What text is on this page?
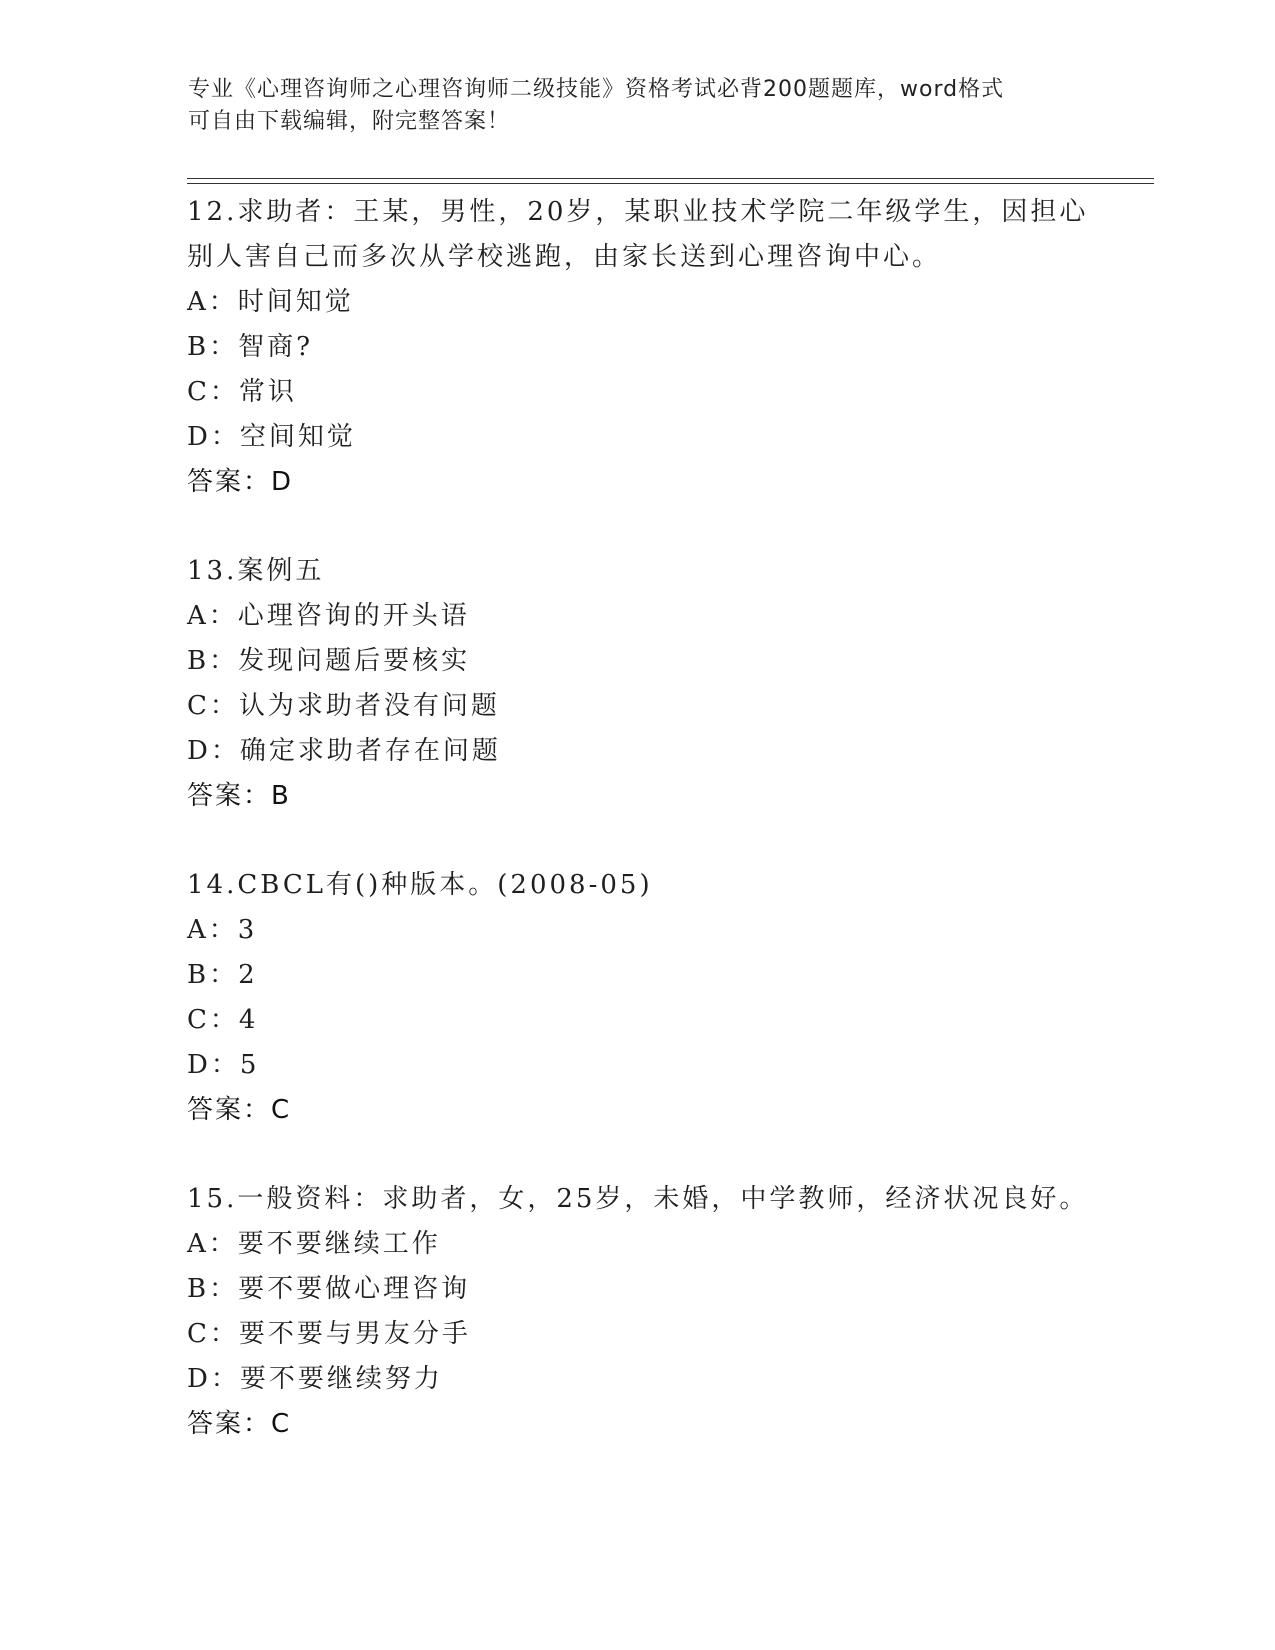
专业《心理咨询师之心理咨询师二级技能》资格考试必背200题题库，word格式
可自由下载编辑，附完整答案！
12.求助者：王某，男性，20岁，某职业技术学院二年级学生，因担心
别人害自己而多次从学校逃跑，由家长送到心理咨询中心。
A：时间知觉
B：智商?
C：常识
D：空间知觉
答案：D
13.案例五
A：心理咨询的开头语
B：发现问题后要核实
C：认为求助者没有问题
D：确定求助者存在问题
答案：B
14.CBCL有()种版本。(2008-05)
A：3
B：2
C：4
D：5
答案：C
15.一般资料：求助者，女，25岁，未婚，中学教师，经济状况良好。
A：要不要继续工作
B：要不要做心理咨询
C：要不要与男友分手
D：要不要继续努力
答案：C
